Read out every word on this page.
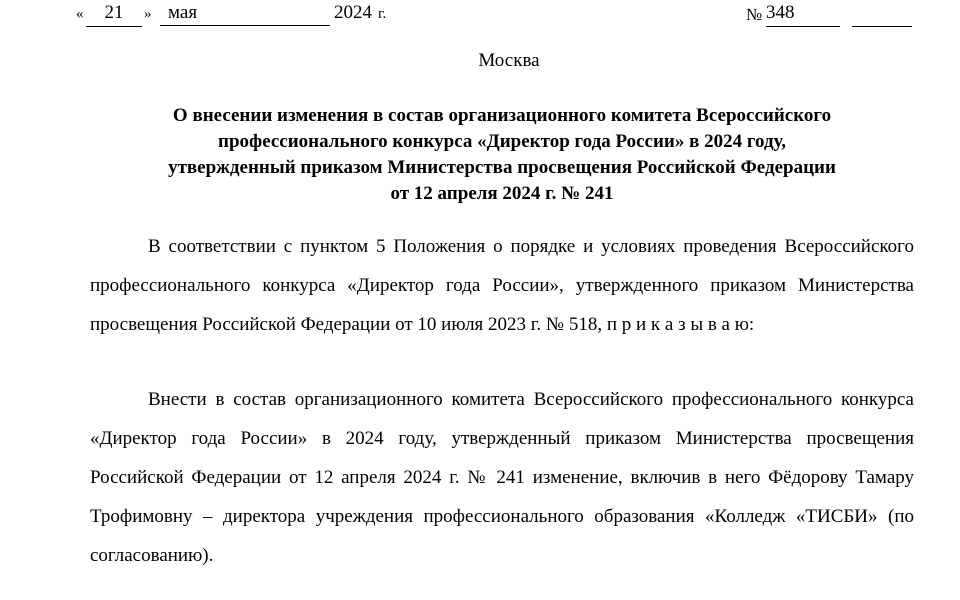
«	21	» мая	2024 г.	№ 348
Москва
О внесении изменения в состав организационного комитета Всероссийского
профессионального конкурса «Директор года России» в 2024 году,
утвержденный приказом Министерства просвещения Российской Федерации
от 12 апреля 2024 г. № 241

В соответствии с пунктом 5 Положения о порядке и условиях проведения Всероссийского профессионального конкурса «Директор года России», утвержденного приказом Министерства просвещения Российской Федерации от 10 июля 2023 г. № 518, п р и к а з ы в а ю:

Внести в состав организационного комитета Всероссийского профессионального конкурса «Директор года России» в 2024 году, утвержденный приказом Министерства просвещения Российской Федерации от 12 апреля 2024 г. № 241 изменение, включив в него Фёдорову Тамару Трофимовну – директора учреждения профессионального образования «Колледж «ТИСБИ» (по согласованию).
